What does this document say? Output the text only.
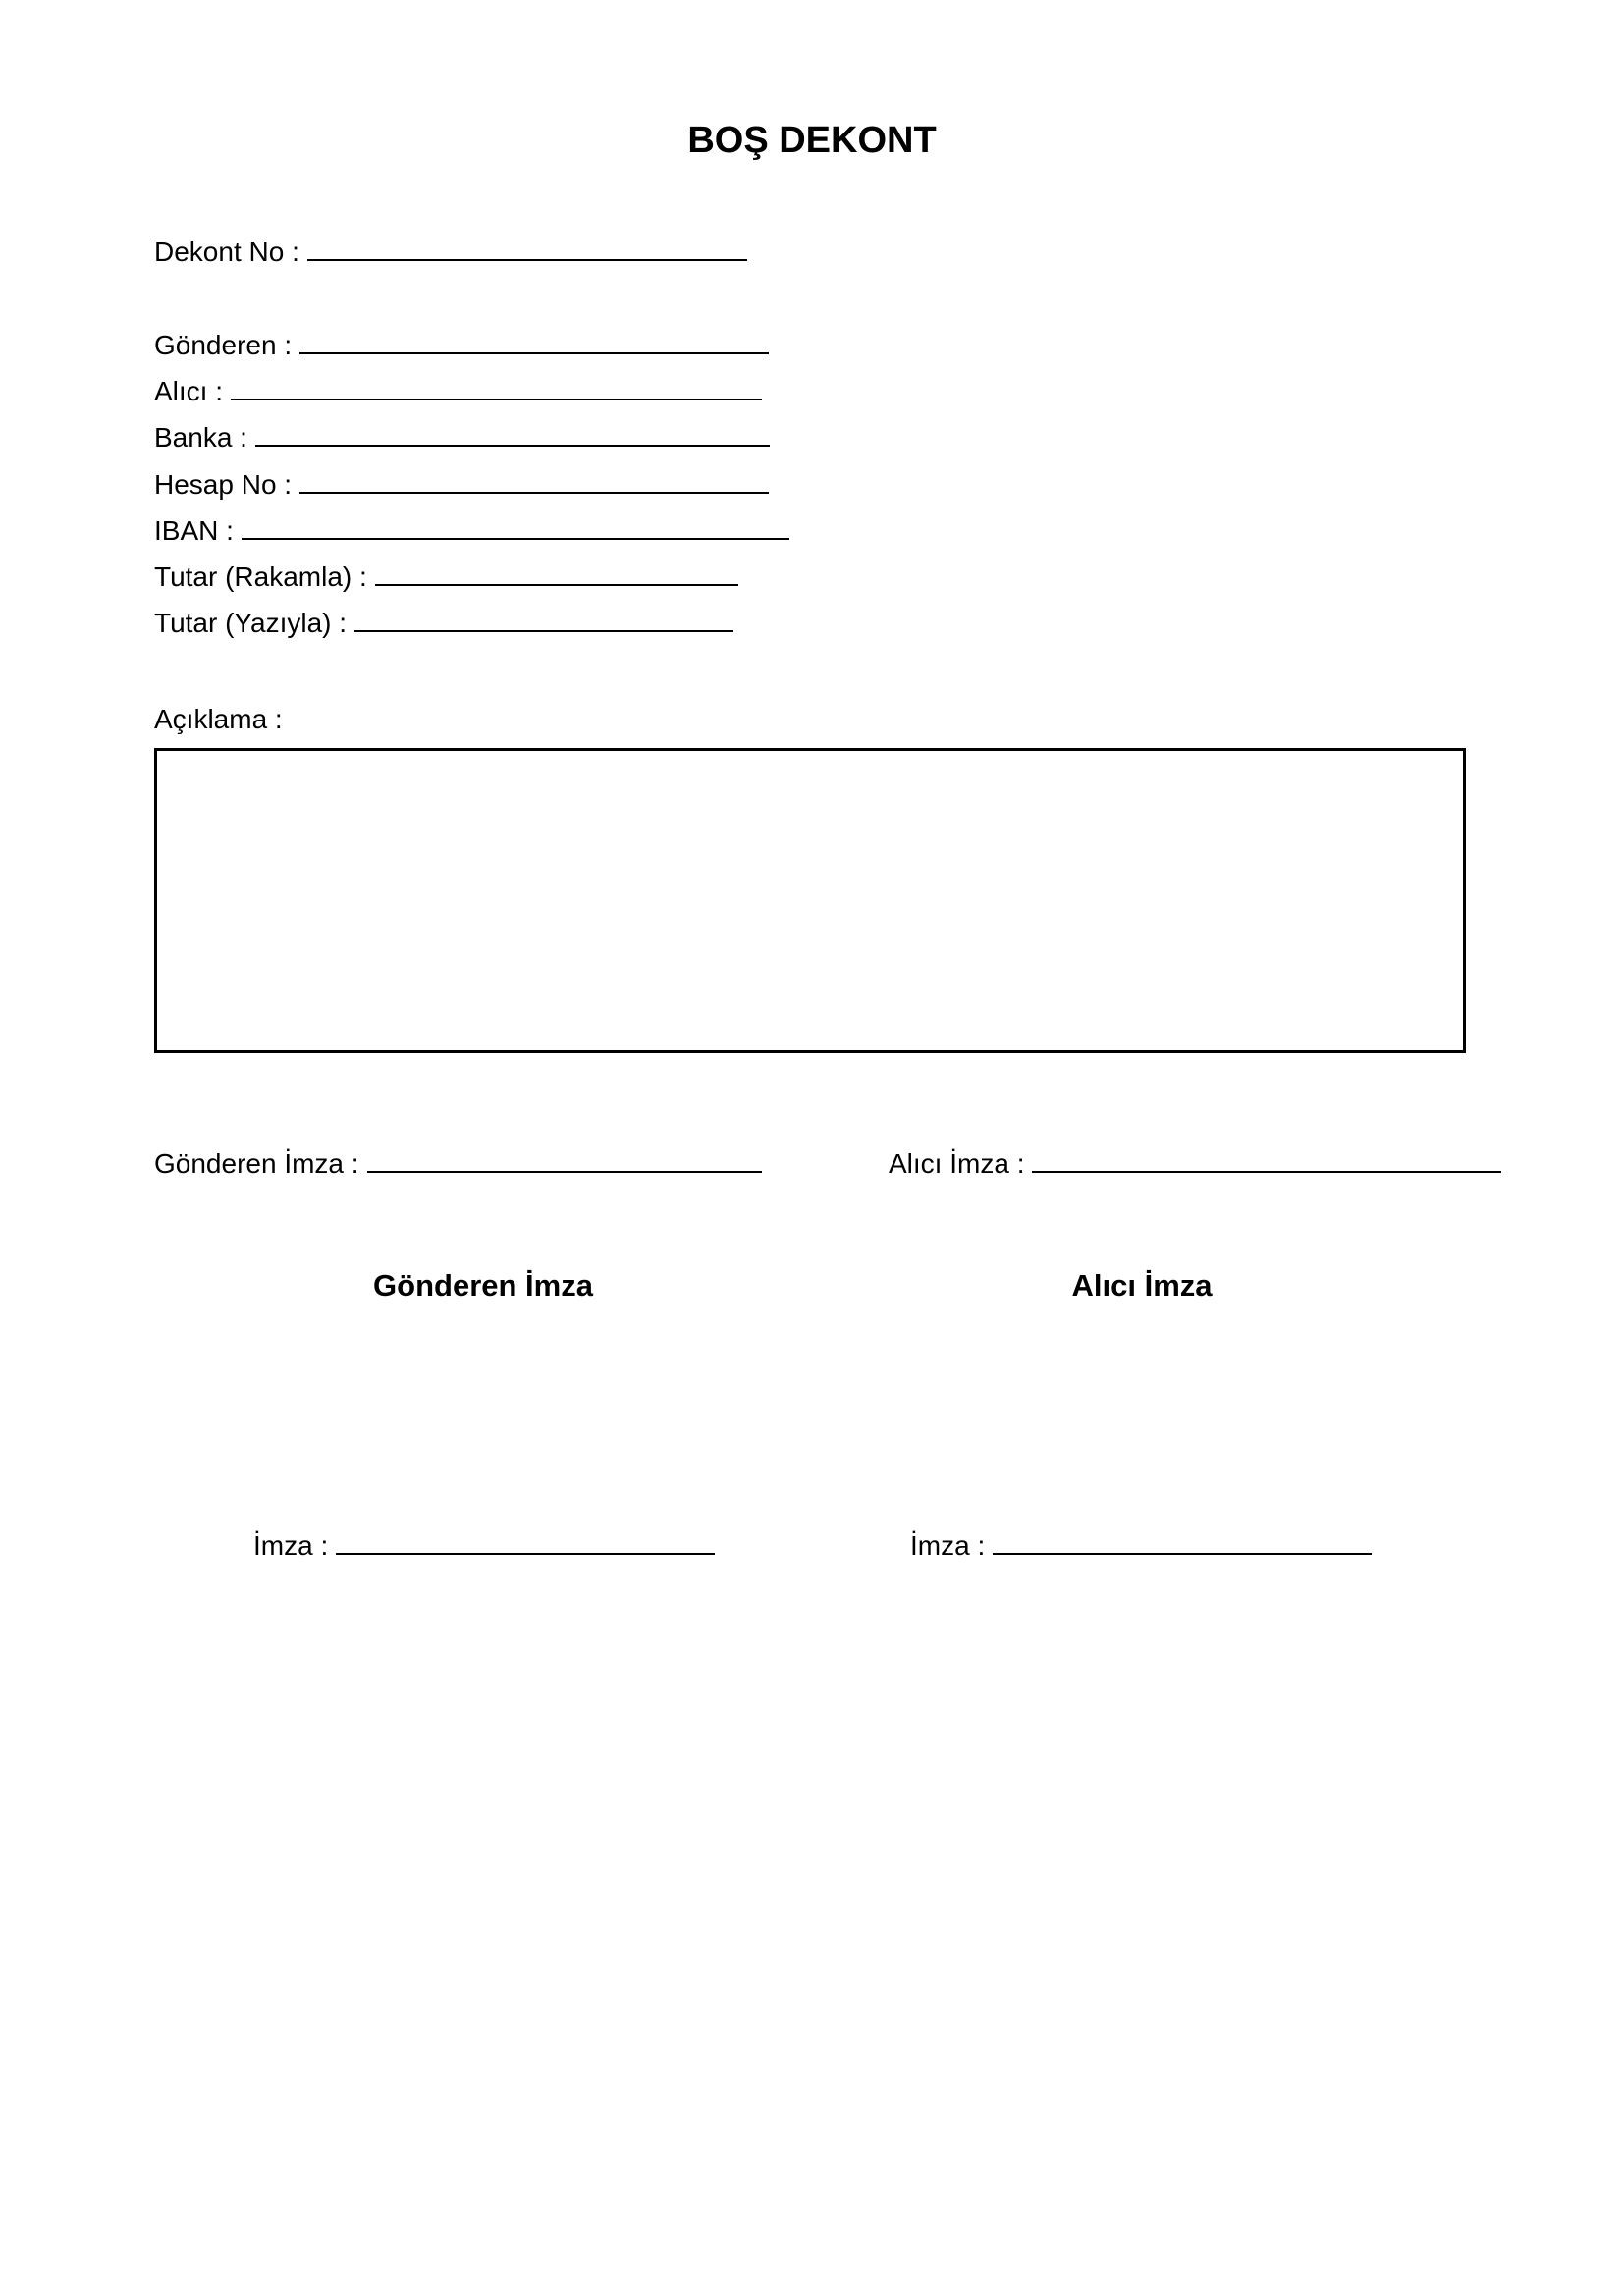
BOŞ DEKONT
Dekont No :
Gönderen :
Alıcı :
Banka :
Hesap No :
IBAN :
Tutar (Rakamla) :
Tutar (Yazıyla) :
Açıklama :
Gönderen İmza :	Alıcı İmza :
Gönderen İmza	Alıcı İmza
İmza :	İmza :
